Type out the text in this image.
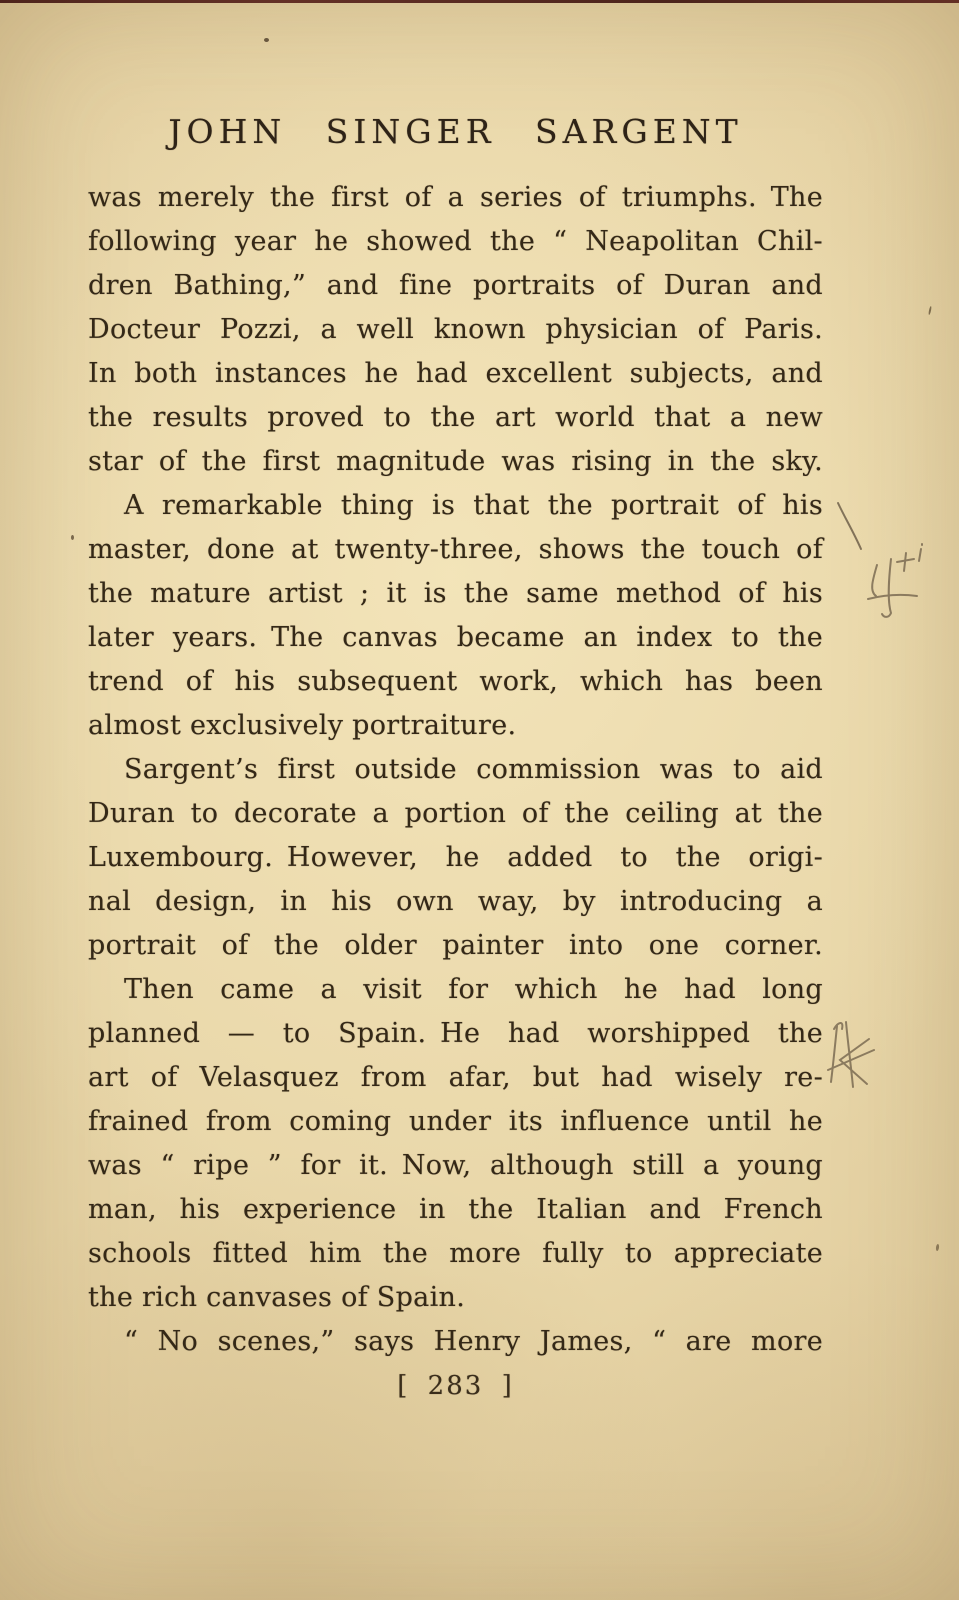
JOHN SINGER SARGENT
was merely the first of a series of triumphs. The
following year he showed the “ Neapolitan Chil-
dren Bathing,” and fine portraits of Duran and
Docteur Pozzi, a well known physician of Paris.
In both instances he had excellent subjects, and
the results proved to the art world that a new
star of the first magnitude was rising in the sky.
A remarkable thing is that the portrait of his
master, done at twenty-three, shows the touch of
the mature artist ; it is the same method of his
later years. The canvas became an index to the
trend of his subsequent work, which has been
almost exclusively portraiture.
Sargent’s first outside commission was to aid
Duran to decorate a portion of the ceiling at the
Luxembourg. However, he added to the origi-
nal design, in his own way, by introducing a
portrait of the older painter into one corner.
Then came a visit for which he had long
planned — to Spain. He had worshipped the
art of Velasquez from afar, but had wisely re-
frained from coming under its influence until he
was “ ripe ” for it. Now, although still a young
man, his experience in the Italian and French
schools fitted him the more fully to appreciate
the rich canvases of Spain.
“ No scenes,” says Henry James, “ are more
[ 283 ]
